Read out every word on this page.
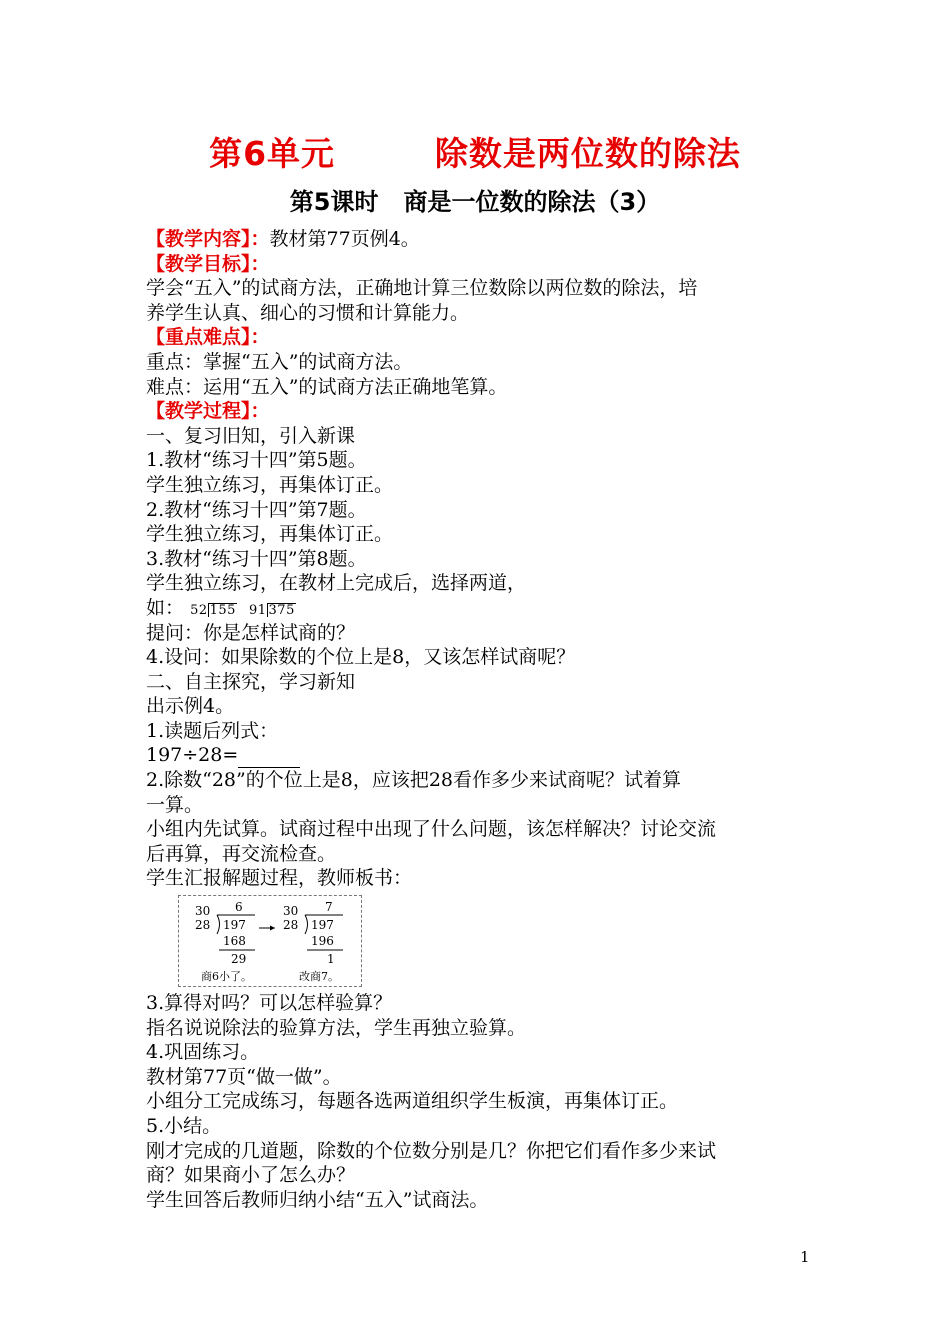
第6单元        除数是两位数的除法
第5课时   商是一位数的除法（3）
【教学内容】：教材第77页例4。
【教学目标】：
学会“五入”的试商方法，正确地计算三位数除以两位数的除法，培
养学生认真、细心的习惯和计算能力。
【重点难点】：
重点：掌握“五入”的试商方法。
难点：运用“五入”的试商方法正确地笔算。
【教学过程】：
一、复习旧知，引入新课
1.教材“练习十四”第5题。
学生独立练习，再集体订正。
2.教材“练习十四”第7题。
学生独立练习，再集体订正。
3.教材“练习十四”第8题。
学生独立练习，在教材上完成后，选择两道，
如： 52 155 91 375
提问：你是怎样试商的？
4.设问：如果除数的个位上是8，又该怎样试商呢？
二、自主探究，学习新知
出示例4。
1.读题后列式：
197÷28=
2.除数“28”的个位上是8，应该把28看作多少来试商呢？试着算
一算。
小组内先试算。试商过程中出现了什么问题，该怎样解决？讨论交流
后再算，再交流检查。
学生汇报解题过程，教师板书：
30 6
28 197
168
29
商6小了。
30 7
28 197
196
1
改商7。
3.算得对吗？可以怎样验算？
指名说说除法的验算方法，学生再独立验算。
4.巩固练习。
教材第77页“做一做”。
小组分工完成练习，每题各选两道组织学生板演，再集体订正。
5.小结。
刚才完成的几道题，除数的个位数分别是几？你把它们看作多少来试
商？如果商小了怎么办？
学生回答后教师归纳小结“五入”试商法。
1
